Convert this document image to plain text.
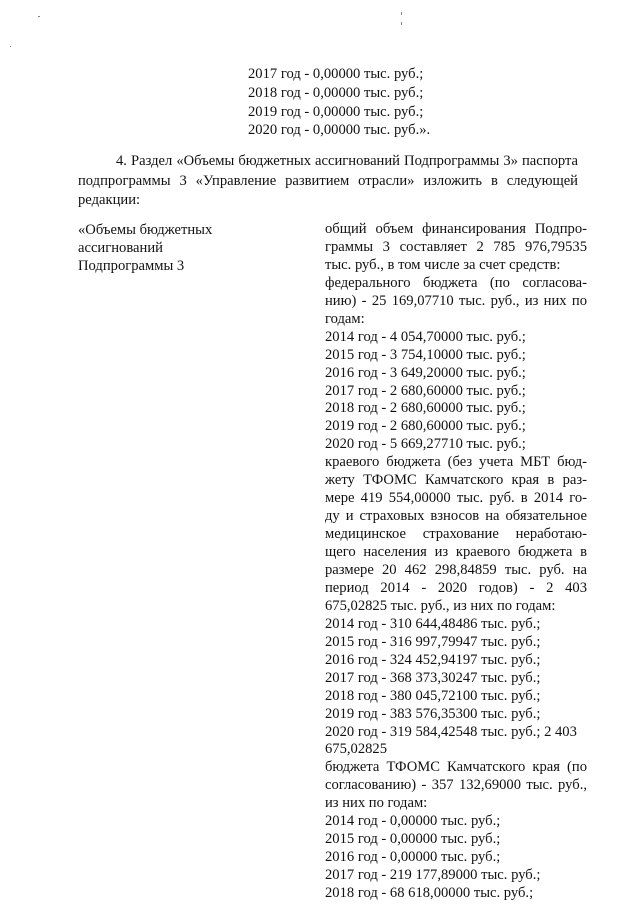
2017 год - 0,00000 тыс. руб.;
2018 год - 0,00000 тыс. руб.;
2019 год - 0,00000 тыс. руб.;
2020 год - 0,00000 тыс. руб.».
4. Раздел «Объемы бюджетных ассигнований Подпрограммы 3» паспорта подпрограммы 3 «Управление развитием отрасли» изложить в следующей редакции:
«Объемы бюджетных
ассигнований
Подпрограммы 3
общий объем финансирования Подпро-
граммы 3 составляет 2 785 976,79535
тыс. руб., в том числе за счет средств:
федерального бюджета (по согласова-
нию) - 25 169,07710 тыс. руб., из них по
годам:
2014 год - 4 054,70000 тыс. руб.;
2015 год - 3 754,10000 тыс. руб.;
2016 год - 3 649,20000 тыс. руб.;
2017 год - 2 680,60000 тыс. руб.;
2018 год - 2 680,60000 тыс. руб.;
2019 год - 2 680,60000 тыс. руб.;
2020 год - 5 669,27710 тыс. руб.;
краевого бюджета (без учета МБТ бюд-
жету ТФОМС Камчатского края в раз-
мере 419 554,00000 тыс. руб. в 2014 го-
ду и страховых взносов на обязательное
медицинское страхование неработаю-
щего населения из краевого бюджета в
размере 20 462 298,84859 тыс. руб. на
период 2014 - 2020 годов) - 2 403
675,02825 тыс. руб., из них по годам:
2014 год - 310 644,48486 тыс. руб.;
2015 год - 316 997,79947 тыс. руб.;
2016 год - 324 452,94197 тыс. руб.;
2017 год - 368 373,30247 тыс. руб.;
2018 год - 380 045,72100 тыс. руб.;
2019 год - 383 576,35300 тыс. руб.;
2020 год - 319 584,42548 тыс. руб.; 2 403
675,02825
бюджета ТФОМС Камчатского края (по
согласованию) - 357 132,69000 тыс. руб.,
из них по годам:
2014 год - 0,00000 тыс. руб.;
2015 год - 0,00000 тыс. руб.;
2016 год - 0,00000 тыс. руб.;
2017 год - 219 177,89000 тыс. руб.;
2018 год - 68 618,00000 тыс. руб.;
